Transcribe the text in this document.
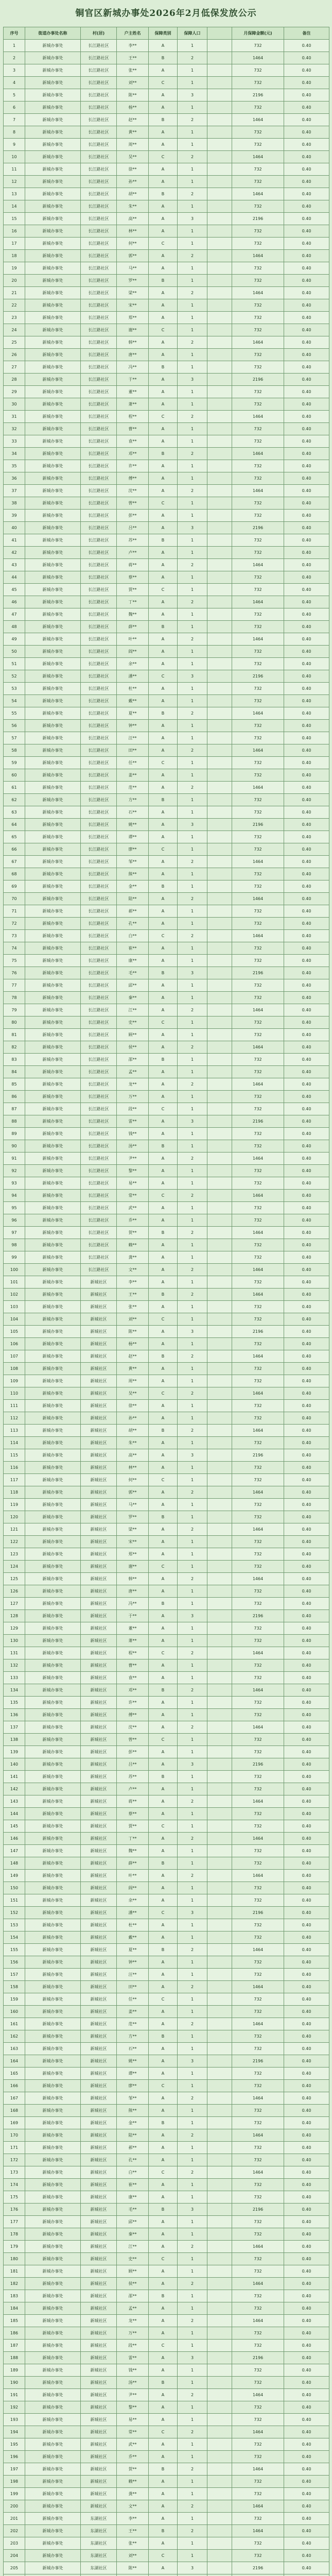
铜官区新城办事处2026年2月低保发放公示
序号	街道办事处名称	村(居)	户主姓名	保障类别	保障人口		月保障金额(元)	备注
1	新城办事处	长江路社区	李**	A	1		732	0.40
2	新城办事处	长江路社区	王**	B	2		1464	0.40
3	新城办事处	长江路社区	张**	A	1		732	0.40
4	新城办事处	长江路社区	刘**	C	1		732	0.40
5	新城办事处	长江路社区	陈**	A	3		2196	0.40
6	新城办事处	长江路社区	杨**	A	1		732	0.40
7	新城办事处	长江路社区	赵**	B	2		1464	0.40
8	新城办事处	长江路社区	黄**	A	1		732	0.40
9	新城办事处	长江路社区	周**	A	1		732	0.40
10	新城办事处	长江路社区	吴**	C	2		1464	0.40
11	新城办事处	长江路社区	徐**	A	1		732	0.40
12	新城办事处	长江路社区	孙**	A	1		732	0.40
13	新城办事处	长江路社区	胡**	B	2		1464	0.40
14	新城办事处	长江路社区	朱**	A	1		732	0.40
15	新城办事处	长江路社区	高**	A	3		2196	0.40
16	新城办事处	长江路社区	林**	A	1		732	0.40
17	新城办事处	长江路社区	何**	C	1		732	0.40
18	新城办事处	长江路社区	郭**	A	2		1464	0.40
19	新城办事处	长江路社区	马**	A	1		732	0.40
20	新城办事处	长江路社区	罗**	B	1		732	0.40
21	新城办事处	长江路社区	梁**	A	2		1464	0.40
22	新城办事处	长江路社区	宋**	A	1		732	0.40
23	新城办事处	长江路社区	郑**	A	1		732	0.40
24	新城办事处	长江路社区	谢**	C	1		732	0.40
25	新城办事处	长江路社区	韩**	A	2		1464	0.40
26	新城办事处	长江路社区	唐**	A	1		732	0.40
27	新城办事处	长江路社区	冯**	B	1		732	0.40
28	新城办事处	长江路社区	于**	A	3		2196	0.40
29	新城办事处	长江路社区	董**	A	1		732	0.40
30	新城办事处	长江路社区	萧**	A	1		732	0.40
31	新城办事处	长江路社区	程**	C	2		1464	0.40
32	新城办事处	长江路社区	曹**	A	1		732	0.40
33	新城办事处	长江路社区	袁**	A	1		732	0.40
34	新城办事处	长江路社区	邓**	B	2		1464	0.40
35	新城办事处	长江路社区	许**	A	1		732	0.40
36	新城办事处	长江路社区	傅**	A	1		732	0.40
37	新城办事处	长江路社区	沈**	A	2		1464	0.40
38	新城办事处	长江路社区	曾**	C	1		732	0.40
39	新城办事处	长江路社区	彭**	A	1		732	0.40
40	新城办事处	长江路社区	吕**	A	3		2196	0.40
41	新城办事处	长江路社区	苏**	B	1		732	0.40
42	新城办事处	长江路社区	卢**	A	1		732	0.40
43	新城办事处	长江路社区	蒋**	A	2		1464	0.40
44	新城办事处	长江路社区	蔡**	A	1		732	0.40
45	新城办事处	长江路社区	贾**	C	1		732	0.40
46	新城办事处	长江路社区	丁**	A	2		1464	0.40
47	新城办事处	长江路社区	魏**	A	1		732	0.40
48	新城办事处	长江路社区	薛**	B	1		732	0.40
49	新城办事处	长江路社区	叶**	A	2		1464	0.40
50	新城办事处	长江路社区	阎**	A	1		732	0.40
51	新城办事处	长江路社区	余**	A	1		732	0.40
52	新城办事处	长江路社区	潘**	C	3		2196	0.40
53	新城办事处	长江路社区	杜**	A	1		732	0.40
54	新城办事处	长江路社区	戴**	A	1		732	0.40
55	新城办事处	长江路社区	夏**	B	2		1464	0.40
56	新城办事处	长江路社区	钟**	A	1		732	0.40
57	新城办事处	长江路社区	汪**	A	1		732	0.40
58	新城办事处	长江路社区	田**	A	2		1464	0.40
59	新城办事处	长江路社区	任**	C	1		732	0.40
60	新城办事处	长江路社区	姜**	A	1		732	0.40
61	新城办事处	长江路社区	范**	A	2		1464	0.40
62	新城办事处	长江路社区	方**	B	1		732	0.40
63	新城办事处	长江路社区	石**	A	1		732	0.40
64	新城办事处	长江路社区	姚**	A	3		2196	0.40
65	新城办事处	长江路社区	谭**	A	1		732	0.40
66	新城办事处	长江路社区	廖**	C	1		732	0.40
67	新城办事处	长江路社区	邹**	A	2		1464	0.40
68	新城办事处	长江路社区	熊**	A	1		732	0.40
69	新城办事处	长江路社区	金**	B	1		732	0.40
70	新城办事处	长江路社区	陆**	A	2		1464	0.40
71	新城办事处	长江路社区	郝**	A	1		732	0.40
72	新城办事处	长江路社区	孔**	A	1		732	0.40
73	新城办事处	长江路社区	白**	C	2		1464	0.40
74	新城办事处	长江路社区	崔**	A	1		732	0.40
75	新城办事处	长江路社区	康**	A	1		732	0.40
76	新城办事处	长江路社区	毛**	B	3		2196	0.40
77	新城办事处	长江路社区	邱**	A	1		732	0.40
78	新城办事处	长江路社区	秦**	A	1		732	0.40
79	新城办事处	长江路社区	江**	A	2		1464	0.40
80	新城办事处	长江路社区	史**	C	1		732	0.40
81	新城办事处	长江路社区	顾**	A	1		732	0.40
82	新城办事处	长江路社区	侯**	A	2		1464	0.40
83	新城办事处	长江路社区	邵**	B	1		732	0.40
84	新城办事处	长江路社区	孟**	A	1		732	0.40
85	新城办事处	长江路社区	龙**	A	2		1464	0.40
86	新城办事处	长江路社区	万**	A	1		732	0.40
87	新城办事处	长江路社区	段**	C	1		732	0.40
88	新城办事处	长江路社区	雷**	A	3		2196	0.40
89	新城办事处	长江路社区	钱**	A	1		732	0.40
90	新城办事处	长江路社区	汤**	B	1		732	0.40
91	新城办事处	长江路社区	尹**	A	2		1464	0.40
92	新城办事处	长江路社区	黎**	A	1		732	0.40
93	新城办事处	长江路社区	易**	A	1		732	0.40
94	新城办事处	长江路社区	常**	C	2		1464	0.40
95	新城办事处	长江路社区	武**	A	1		732	0.40
96	新城办事处	长江路社区	乔**	A	1		732	0.40
97	新城办事处	长江路社区	贺**	B	2		1464	0.40
98	新城办事处	长江路社区	赖**	A	1		732	0.40
99	新城办事处	长江路社区	龚**	A	1		732	0.40
100	新城办事处	长江路社区	文**	A	2		1464	0.40
101	新城办事处	新城社区	李**	A	1		732	0.40
102	新城办事处	新城社区	王**	B	2		1464	0.40
103	新城办事处	新城社区	张**	A	1		732	0.40
104	新城办事处	新城社区	刘**	C	1		732	0.40
105	新城办事处	新城社区	陈**	A	3		2196	0.40
106	新城办事处	新城社区	杨**	A	1		732	0.40
107	新城办事处	新城社区	赵**	B	2		1464	0.40
108	新城办事处	新城社区	黄**	A	1		732	0.40
109	新城办事处	新城社区	周**	A	1		732	0.40
110	新城办事处	新城社区	吴**	C	2		1464	0.40
111	新城办事处	新城社区	徐**	A	1		732	0.40
112	新城办事处	新城社区	孙**	A	1		732	0.40
113	新城办事处	新城社区	胡**	B	2		1464	0.40
114	新城办事处	新城社区	朱**	A	1		732	0.40
115	新城办事处	新城社区	高**	A	3		2196	0.40
116	新城办事处	新城社区	林**	A	1		732	0.40
117	新城办事处	新城社区	何**	C	1		732	0.40
118	新城办事处	新城社区	郭**	A	2		1464	0.40
119	新城办事处	新城社区	马**	A	1		732	0.40
120	新城办事处	新城社区	罗**	B	1		732	0.40
121	新城办事处	新城社区	梁**	A	2		1464	0.40
122	新城办事处	新城社区	宋**	A	1		732	0.40
123	新城办事处	新城社区	郑**	A	1		732	0.40
124	新城办事处	新城社区	谢**	C	1		732	0.40
125	新城办事处	新城社区	韩**	A	2		1464	0.40
126	新城办事处	新城社区	唐**	A	1		732	0.40
127	新城办事处	新城社区	冯**	B	1		732	0.40
128	新城办事处	新城社区	于**	A	3		2196	0.40
129	新城办事处	新城社区	董**	A	1		732	0.40
130	新城办事处	新城社区	萧**	A	1		732	0.40
131	新城办事处	新城社区	程**	C	2		1464	0.40
132	新城办事处	新城社区	曹**	A	1		732	0.40
133	新城办事处	新城社区	袁**	A	1		732	0.40
134	新城办事处	新城社区	邓**	B	2		1464	0.40
135	新城办事处	新城社区	许**	A	1		732	0.40
136	新城办事处	新城社区	傅**	A	1		732	0.40
137	新城办事处	新城社区	沈**	A	2		1464	0.40
138	新城办事处	新城社区	曾**	C	1		732	0.40
139	新城办事处	新城社区	彭**	A	1		732	0.40
140	新城办事处	新城社区	吕**	A	3		2196	0.40
141	新城办事处	新城社区	苏**	B	1		732	0.40
142	新城办事处	新城社区	卢**	A	1		732	0.40
143	新城办事处	新城社区	蒋**	A	2		1464	0.40
144	新城办事处	新城社区	蔡**	A	1		732	0.40
145	新城办事处	新城社区	贾**	C	1		732	0.40
146	新城办事处	新城社区	丁**	A	2		1464	0.40
147	新城办事处	新城社区	魏**	A	1		732	0.40
148	新城办事处	新城社区	薛**	B	1		732	0.40
149	新城办事处	新城社区	叶**	A	2		1464	0.40
150	新城办事处	新城社区	阎**	A	1		732	0.40
151	新城办事处	新城社区	余**	A	1		732	0.40
152	新城办事处	新城社区	潘**	C	3		2196	0.40
153	新城办事处	新城社区	杜**	A	1		732	0.40
154	新城办事处	新城社区	戴**	A	1		732	0.40
155	新城办事处	新城社区	夏**	B	2		1464	0.40
156	新城办事处	新城社区	钟**	A	1		732	0.40
157	新城办事处	新城社区	汪**	A	1		732	0.40
158	新城办事处	新城社区	田**	A	2		1464	0.40
159	新城办事处	新城社区	任**	C	1		732	0.40
160	新城办事处	新城社区	姜**	A	1		732	0.40
161	新城办事处	新城社区	范**	A	2		1464	0.40
162	新城办事处	新城社区	方**	B	1		732	0.40
163	新城办事处	新城社区	石**	A	1		732	0.40
164	新城办事处	新城社区	姚**	A	3		2196	0.40
165	新城办事处	新城社区	谭**	A	1		732	0.40
166	新城办事处	新城社区	廖**	C	1		732	0.40
167	新城办事处	新城社区	邹**	A	2		1464	0.40
168	新城办事处	新城社区	熊**	A	1		732	0.40
169	新城办事处	新城社区	金**	B	1		732	0.40
170	新城办事处	新城社区	陆**	A	2		1464	0.40
171	新城办事处	新城社区	郝**	A	1		732	0.40
172	新城办事处	新城社区	孔**	A	1		732	0.40
173	新城办事处	新城社区	白**	C	2		1464	0.40
174	新城办事处	新城社区	崔**	A	1		732	0.40
175	新城办事处	新城社区	康**	A	1		732	0.40
176	新城办事处	新城社区	毛**	B	3		2196	0.40
177	新城办事处	新城社区	邱**	A	1		732	0.40
178	新城办事处	新城社区	秦**	A	1		732	0.40
179	新城办事处	新城社区	江**	A	2		1464	0.40
180	新城办事处	新城社区	史**	C	1		732	0.40
181	新城办事处	新城社区	顾**	A	1		732	0.40
182	新城办事处	新城社区	侯**	A	2		1464	0.40
183	新城办事处	新城社区	邵**	B	1		732	0.40
184	新城办事处	新城社区	孟**	A	1		732	0.40
185	新城办事处	新城社区	龙**	A	2		1464	0.40
186	新城办事处	新城社区	万**	A	1		732	0.40
187	新城办事处	新城社区	段**	C	1		732	0.40
188	新城办事处	新城社区	雷**	A	3		2196	0.40
189	新城办事处	新城社区	钱**	A	1		732	0.40
190	新城办事处	新城社区	汤**	B	1		732	0.40
191	新城办事处	新城社区	尹**	A	2		1464	0.40
192	新城办事处	新城社区	黎**	A	1		732	0.40
193	新城办事处	新城社区	易**	A	1		732	0.40
194	新城办事处	新城社区	常**	C	2		1464	0.40
195	新城办事处	新城社区	武**	A	1		732	0.40
196	新城办事处	新城社区	乔**	A	1		732	0.40
197	新城办事处	新城社区	贺**	B	2		1464	0.40
198	新城办事处	新城社区	赖**	A	1		732	0.40
199	新城办事处	新城社区	龚**	A	1		732	0.40
200	新城办事处	新城社区	文**	A	2		1464	0.40
201	新城办事处	东湖社区	李**	A	1		732	0.40
202	新城办事处	东湖社区	王**	B	2		1464	0.40
203	新城办事处	东湖社区	张**	A	1		732	0.40
204	新城办事处	东湖社区	刘**	C	1		732	0.40
205	新城办事处	东湖社区	陈**	A	3		2196	0.40
